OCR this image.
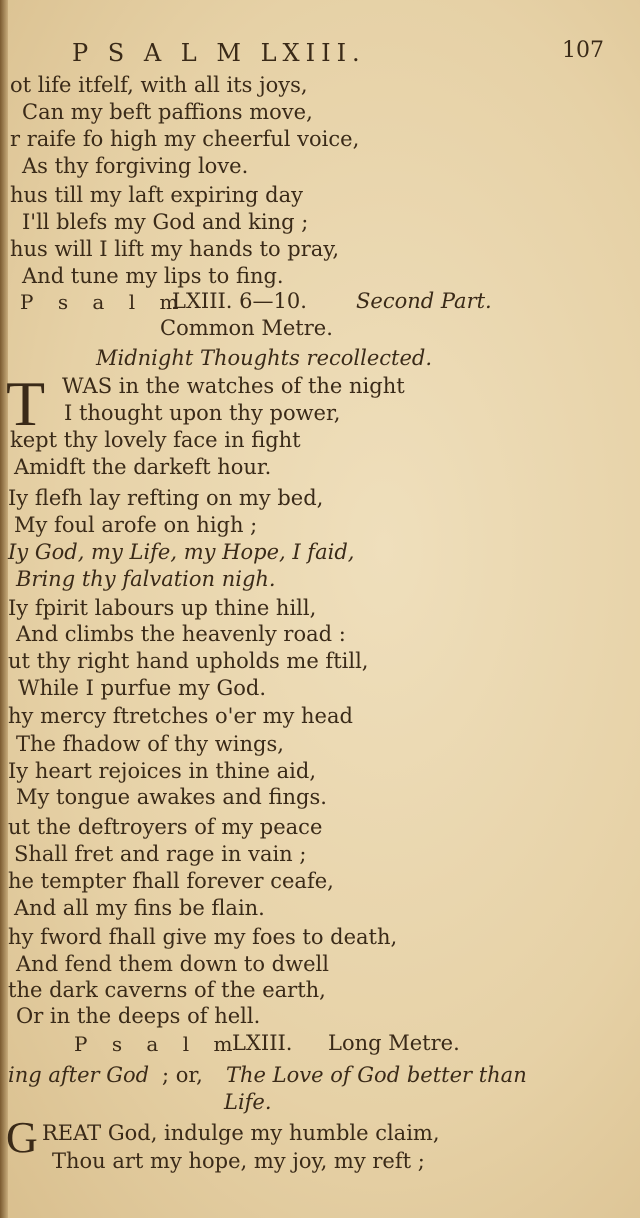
P S A L M LXIII.	107
ot life itfelf, with all its joys,
Can my beft paffions move,
r raife fo high my cheerful voice,
As thy forgiving love.
hus till my laft expiring day
I'll blefs my God and king ;
hus will I lift my hands to pray,
And tune my lips to fing.
P s a l m
LXIII. 6—10. Second Part.
Common Metre.
Midnight Thoughts recollected.
T WAS in the watches of the night
I thought upon thy power,
kept thy lovely face in fight
Amidft the darkeft hour.
Iy flefh lay refting on my bed,
My foul arofe on high ;
Iy God, my Life, my Hope, I faid,
Bring thy falvation nigh.
Iy fpirit labours up thine hill,
And climbs the heavenly road :
ut thy right hand upholds me ftill,
While I purfue my God.
hy mercy ftretches o'er my head
The fhadow of thy wings,
Iy heart rejoices in thine aid,
My tongue awakes and fings.
ut the deftroyers of my peace
Shall fret and rage in vain ;
he tempter fhall forever ceafe,
And all my fins be flain.
hy fword fhall give my foes to death,
And fend them down to dwell
the dark caverns of the earth,
Or in the deeps of hell.
P s a l m
LXIII. Long Metre.
ing after God ; or, The Love of God better than
Life.
G REAT God, indulge my humble claim,
Thou art my hope, my joy, my reft ;
